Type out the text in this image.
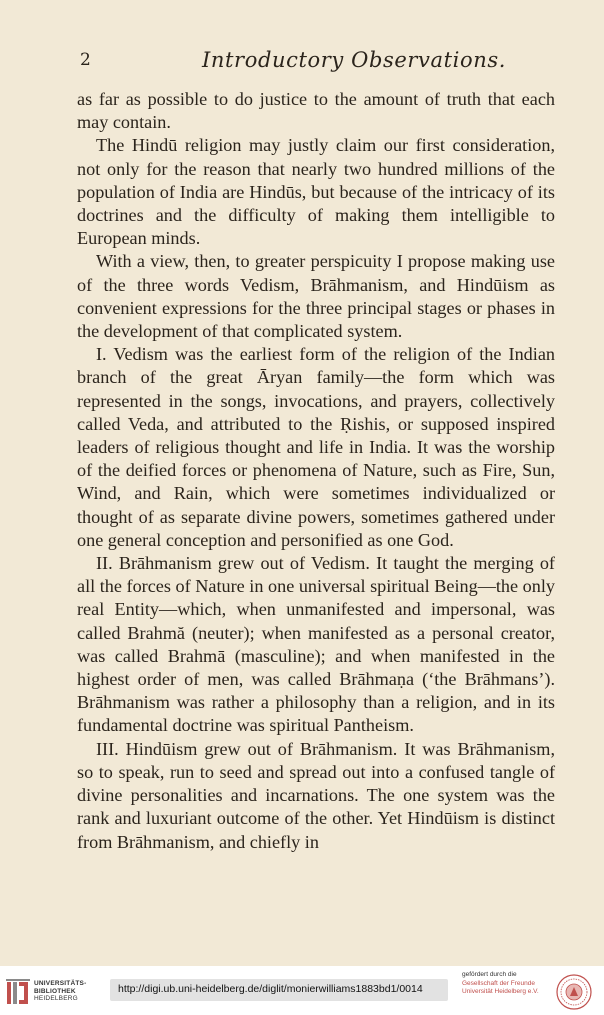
2	Introductory Observations.

as far as possible to do justice to the amount of truth that each may contain.

The Hindū religion may justly claim our first consideration, not only for the reason that nearly two hundred millions of the population of India are Hindūs, but because of the intricacy of its doctrines and the difficulty of making them intelligible to European minds.

With a view, then, to greater perspicuity I propose making use of the three words Vedism, Brāhmanism, and Hindūism as convenient expressions for the three principal stages or phases in the development of that complicated system.

I. Vedism was the earliest form of the religion of the Indian branch of the great Āryan family—the form which was represented in the songs, invocations, and prayers, collectively called Veda, and attributed to the Ṛishis, or supposed inspired leaders of religious thought and life in India. It was the worship of the deified forces or phenomena of Nature, such as Fire, Sun, Wind, and Rain, which were sometimes individualized or thought of as separate divine powers, sometimes gathered under one general conception and personified as one God.

II. Brāhmanism grew out of Vedism. It taught the merging of all the forces of Nature in one universal spiritual Being—the only real Entity—which, when unmanifested and impersonal, was called Brahmă (neuter); when manifested as a personal creator, was called Brahmā (masculine); and when manifested in the highest order of men, was called Brāhmaṇa (‘the Brāhmans’). Brāhmanism was rather a philosophy than a religion, and in its fundamental doctrine was spiritual Pantheism.

III. Hindūism grew out of Brāhmanism. It was Brāhmanism, so to speak, run to seed and spread out into a confused tangle of divine personalities and incarnations. The one system was the rank and luxuriant outcome of the other. Yet Hindūism is distinct from Brāhmanism, and chiefly in

UNIVERSITÄTS-
BIBLIOTHEK
HEIDELBERG
http://digi.ub.uni-heidelberg.de/diglit/monierwilliams1883bd1/0014
gefördert durch die
Gesellschaft der Freunde
Universität Heidelberg e.V.
